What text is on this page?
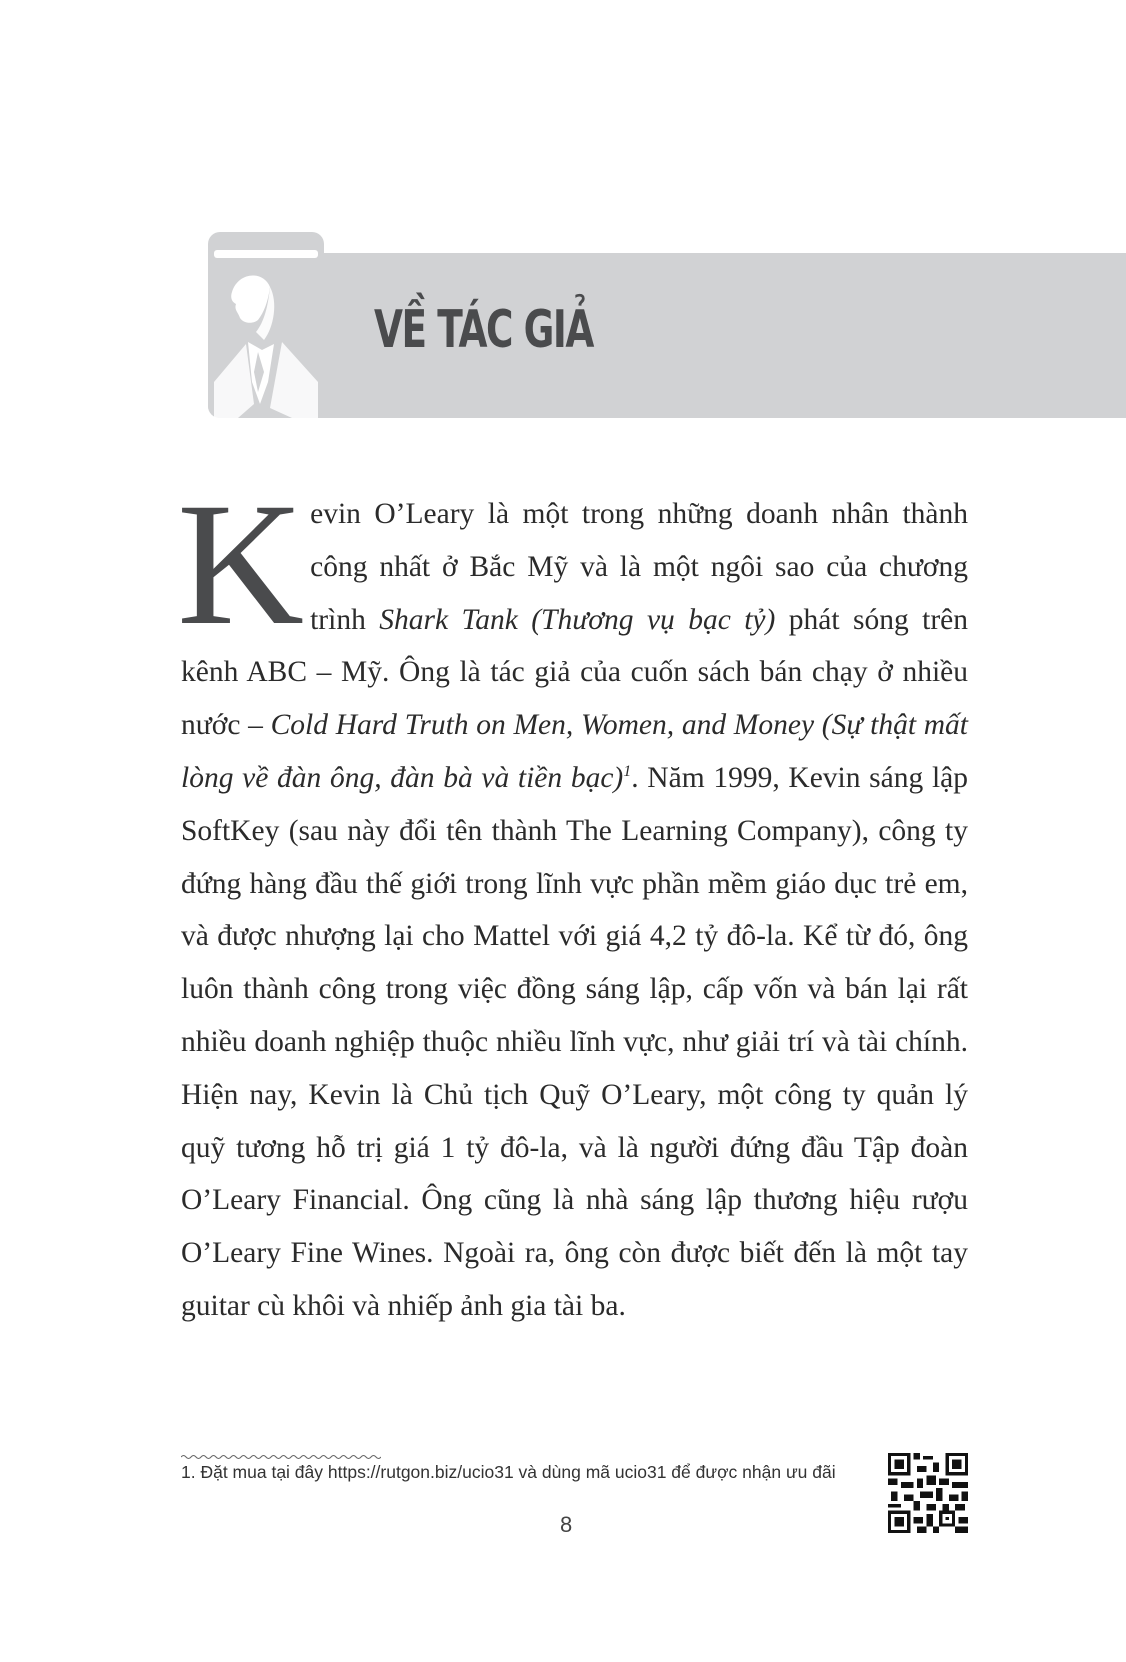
VỀ TÁC GIẢ
Kevin O’Leary là một trong những doanh nhân thành công nhất ở Bắc Mỹ và là một ngôi sao của chương trình Shark Tank (Thương vụ bạc tỷ) phát sóng trên kênh ABC – Mỹ. Ông là tác giả của cuốn sách bán chạy ở nhiều nước – Cold Hard Truth on Men, Women, and Money (Sự thật mất lòng về đàn ông, đàn bà và tiền bạc)$^1$. Năm 1999, Kevin sáng lập SoftKey (sau này đổi tên thành The Learning Company), công ty đứng hàng đầu thế giới trong lĩnh vực phần mềm giáo dục trẻ em, và được nhượng lại cho Mattel với giá 4,2 tỷ đô-la. Kể từ đó, ông luôn thành công trong việc đồng sáng lập, cấp vốn và bán lại rất nhiều doanh nghiệp thuộc nhiều lĩnh vực, như giải trí và tài chính. Hiện nay, Kevin là Chủ tịch Quỹ O’Leary, một công ty quản lý quỹ tương hỗ trị giá 1 tỷ đô-la, và là người đứng đầu Tập đoàn O’Leary Financial. Ông cũng là nhà sáng lập thương hiệu rượu O’Leary Fine Wines. Ngoài ra, ông còn được biết đến là một tay guitar cù khôi và nhiếp ảnh gia tài ba.
1. Đặt mua tại đây https://rutgon.biz/ucio31 và dùng mã ucio31 để được nhận ưu đãi
8
